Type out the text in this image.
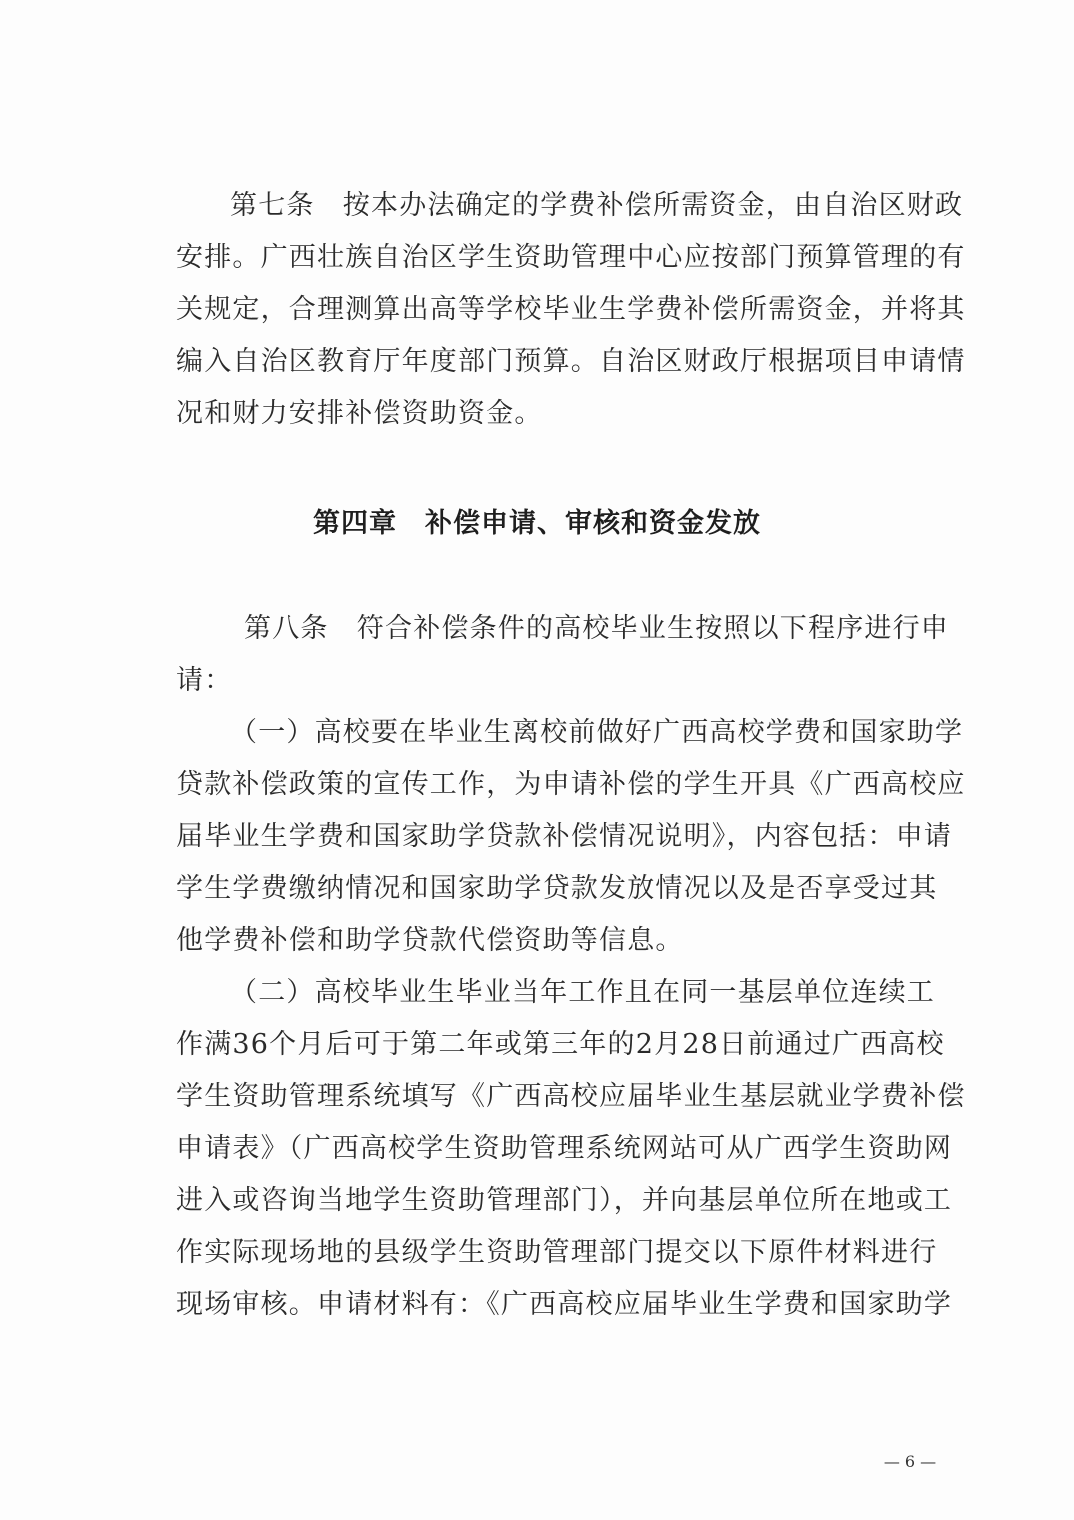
第七条　按本办法确定的学费补偿所需资金，由自治区财政
安排。广西壮族自治区学生资助管理中心应按部门预算管理的有
关规定，合理测算出高等学校毕业生学费补偿所需资金，并将其
编入自治区教育厅年度部门预算。自治区财政厅根据项目申请情
况和财力安排补偿资助资金。
第四章　补偿申请、审核和资金发放
第八条　符合补偿条件的高校毕业生按照以下程序进行申
请：
（一）高校要在毕业生离校前做好广西高校学费和国家助学
贷款补偿政策的宣传工作，为申请补偿的学生开具《广西高校应
届毕业生学费和国家助学贷款补偿情况说明》，内容包括：申请
学生学费缴纳情况和国家助学贷款发放情况以及是否享受过其
他学费补偿和助学贷款代偿资助等信息。
（二）高校毕业生毕业当年工作且在同一基层单位连续工
作满36个月后可于第二年或第三年的2月28日前通过广西高校
学生资助管理系统填写《广西高校应届毕业生基层就业学费补偿
申请表》（广西高校学生资助管理系统网站可从广西学生资助网
进入或咨询当地学生资助管理部门），并向基层单位所在地或工
作实际现场地的县级学生资助管理部门提交以下原件材料进行
现场审核。申请材料有：《广西高校应届毕业生学费和国家助学
— 6 —
